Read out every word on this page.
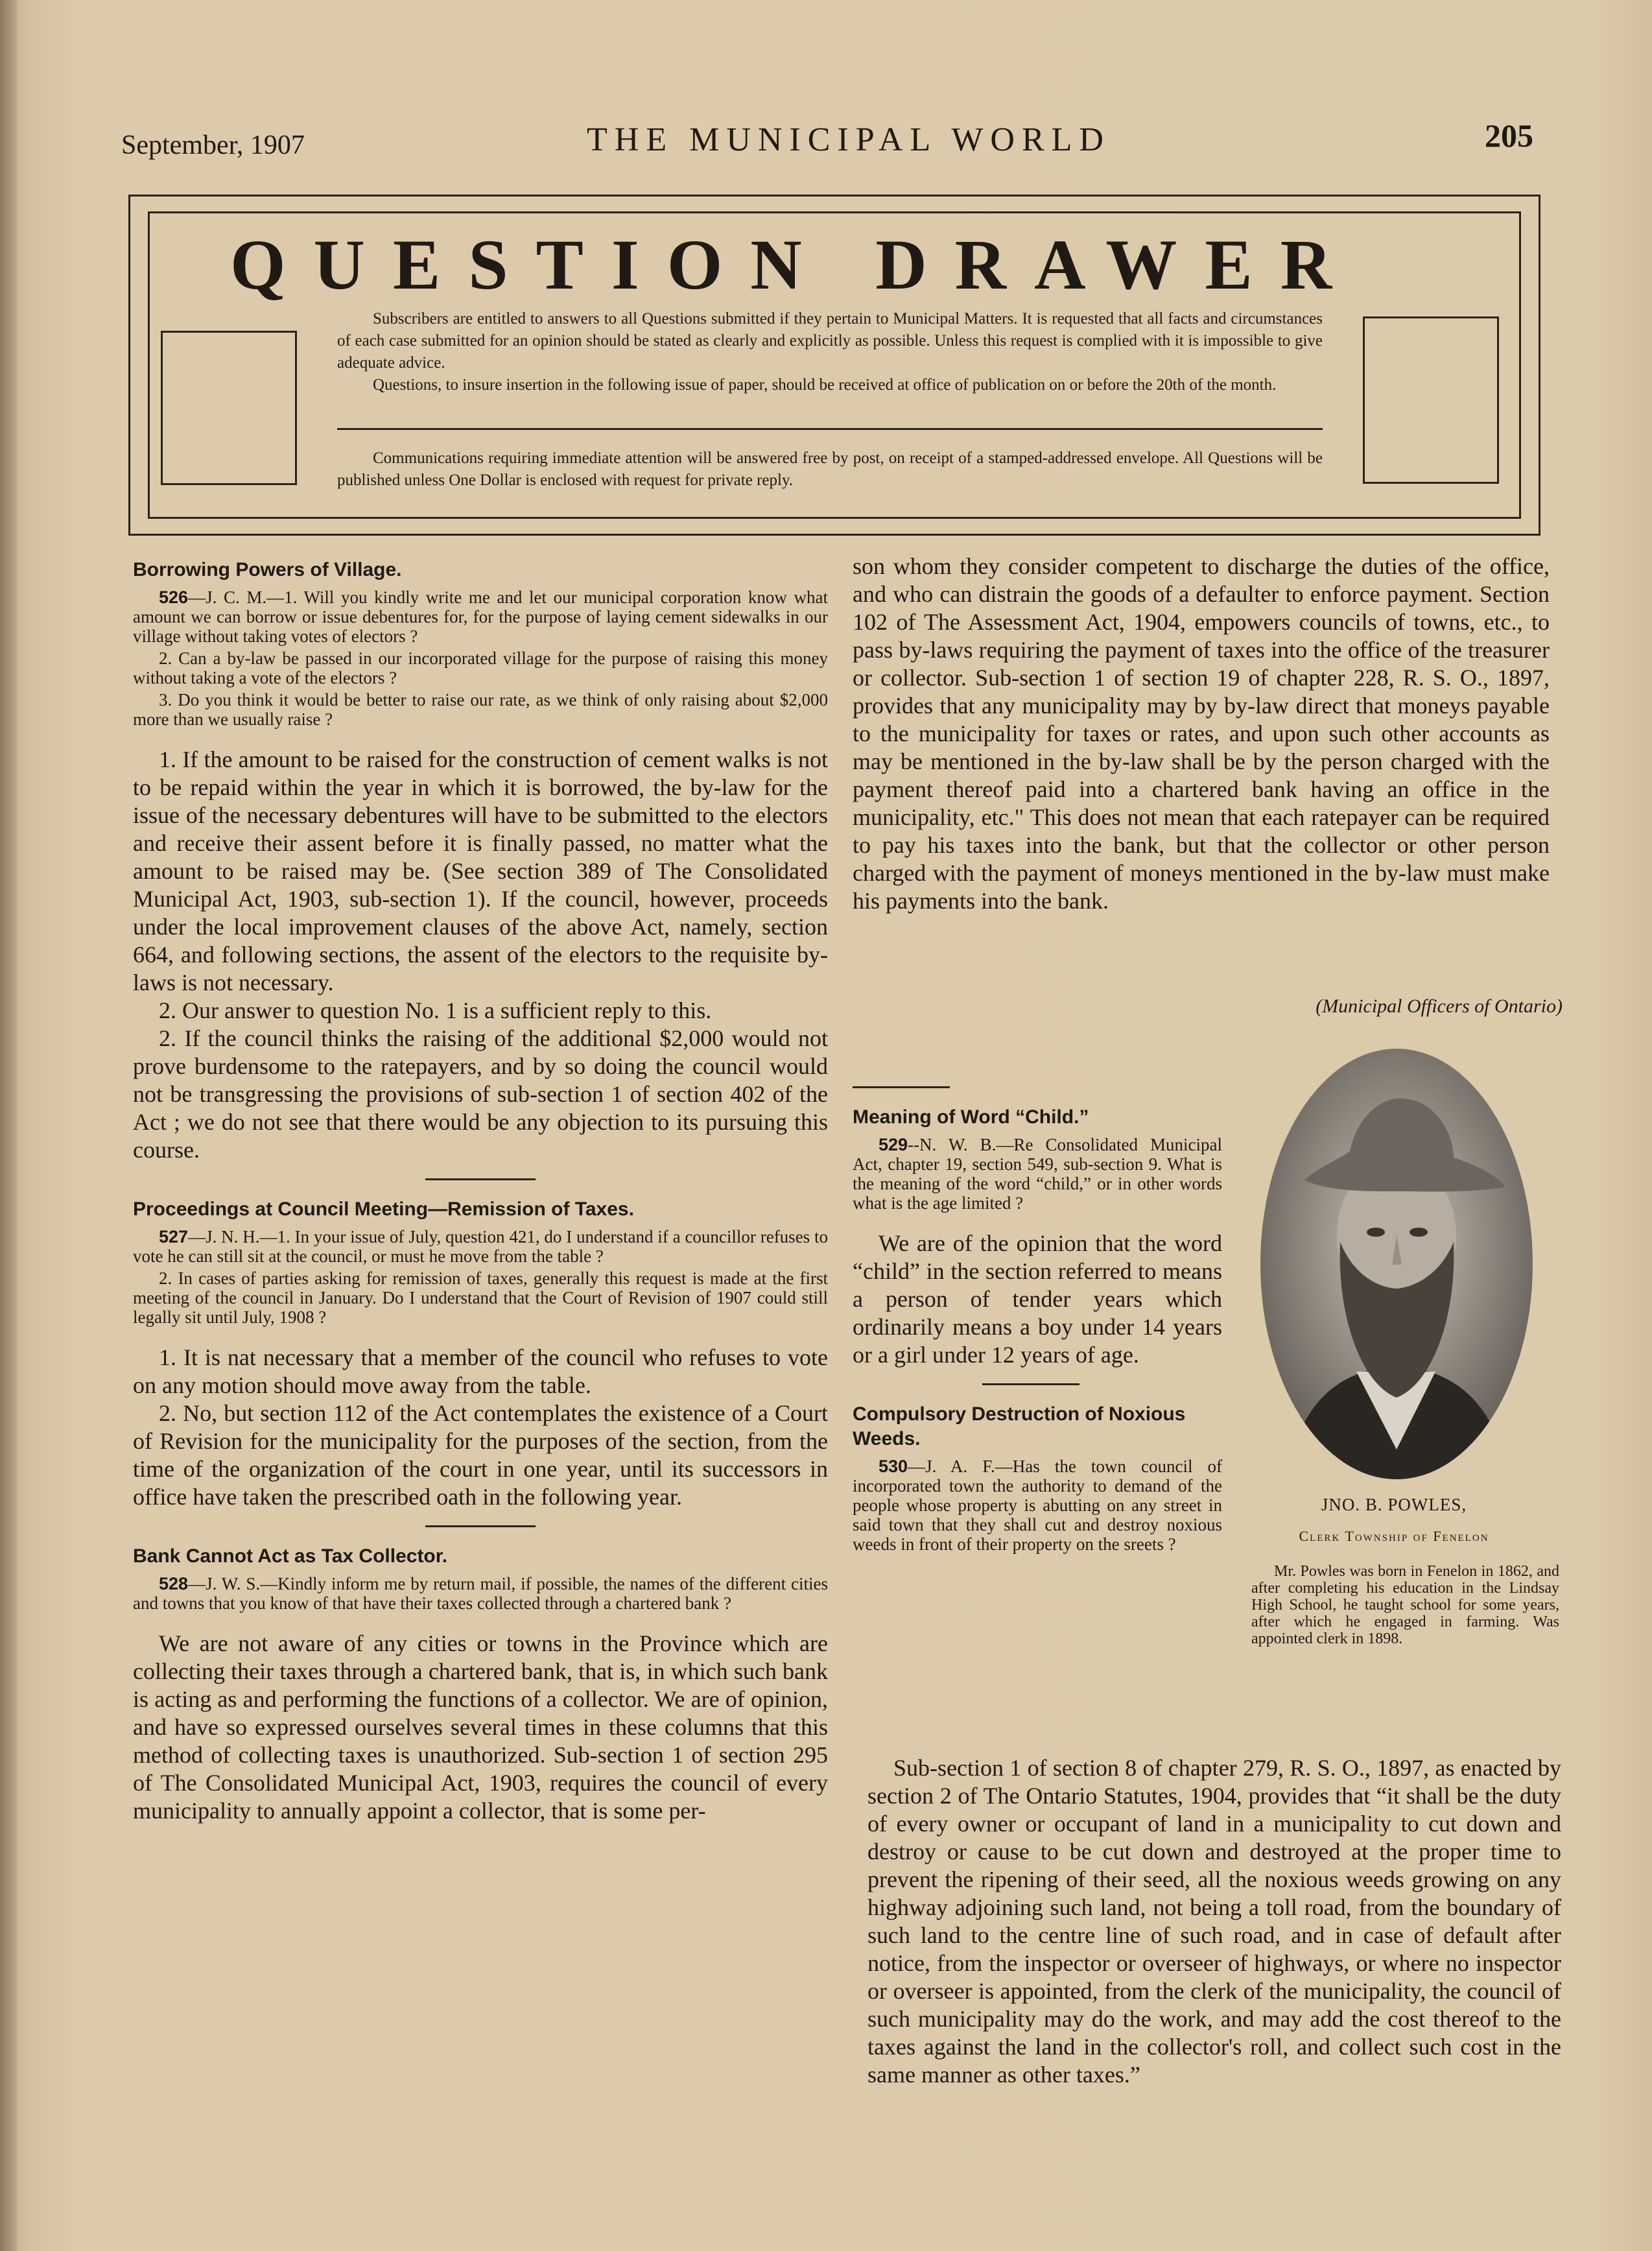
September, 1907	THE MUNICIPAL WORLD	205
QUESTION DRAWER

Subscribers are entitled to answers to all Questions submitted if they pertain to Municipal Matters. It is requested that all facts and circumstances of each case submitted for an opinion should be stated as clearly and explicitly as possible. Unless this request is complied with it is impossible to give adequate advice.

Questions, to insure insertion in the following issue of paper, should be received at office of publication on or before the 20th of the month.

Communications requiring immediate attention will be answered free by post, on receipt of a stamped-addressed envelope. All Questions will be published unless One Dollar is enclosed with request for private reply.

Borrowing Powers of Village.

526—J. C. M.—1. Will you kindly write me and let our municipal corporation know what amount we can borrow or issue debentures for, for the purpose of laying cement sidewalks in our village without taking votes of electors ?

2. Can a by-law be passed in our incorporated village for the purpose of raising this money without taking a vote of the electors ?

3. Do you think it would be better to raise our rate, as we think of only raising about $2,000 more than we usually raise ?

1. If the amount to be raised for the construction of cement walks is not to be repaid within the year in which it is borrowed, the by-law for the issue of the necessary debentures will have to be submitted to the electors and receive their assent before it is finally passed, no matter what the amount to be raised may be. (See section 389 of The Consolidated Municipal Act, 1903, sub-section 1). If the council, however, proceeds under the local improvement clauses of the above Act, namely, section 664, and following sections, the assent of the electors to the requisite by-laws is not necessary.

2. Our answer to question No. 1 is a sufficient reply to this.

2. If the council thinks the raising of the additional $2,000 would not prove burdensome to the ratepayers, and by so doing the council would not be transgressing the provisions of sub-section 1 of section 402 of the Act ; we do not see that there would be any objection to its pursuing this course.

Proceedings at Council Meeting—Remission of Taxes.

527—J. N. H.—1. In your issue of July, question 421, do I understand if a councillor refuses to vote he can still sit at the council, or must he move from the table ?

2. In cases of parties asking for remission of taxes, generally this request is made at the first meeting of the council in January. Do I understand that the Court of Revision of 1907 could still legally sit until July, 1908 ?

1. It is nat necessary that a member of the council who refuses to vote on any motion should move away from the table.

2. No, but section 112 of the Act contemplates the existence of a Court of Revision for the municipality for the purposes of the section, from the time of the organization of the court in one year, until its successors in office have taken the prescribed oath in the following year.

Bank Cannot Act as Tax Collector.

528—J. W. S.—Kindly inform me by return mail, if possible, the names of the different cities and towns that you know of that have their taxes collected through a chartered bank ?

We are not aware of any cities or towns in the Province which are collecting their taxes through a chartered bank, that is, in which such bank is acting as and performing the functions of a collector. We are of opinion, and have so expressed ourselves several times in these columns that this method of collecting taxes is unauthorized. Sub-section 1 of section 295 of The Consolidated Municipal Act, 1903, requires the council of every municipality to annually appoint a collector, that is some per-

son whom they consider competent to discharge the duties of the office, and who can distrain the goods of a defaulter to enforce payment. Section 102 of The Assessment Act, 1904, empowers councils of towns, etc., to pass by-laws requiring the payment of taxes into the office of the treasurer or collector. Sub-section 1 of section 19 of chapter 228, R. S. O., 1897, provides that any municipality may by by-law direct that moneys payable to the municipality for taxes or rates, and upon such other accounts as may be mentioned in the by-law shall be by the person charged with the payment thereof paid into a chartered bank having an office in the municipality, etc." This does not mean that each ratepayer can be required to pay his taxes into the bank, but that the collector or other person charged with the payment of moneys mentioned in the by-law must make his payments into the bank.

(Municipal Officers of Ontario)
Meaning of Word “Child.”

529--N. W. B.—Re Consolidated Municipal Act, chapter 19, section 549, sub-section 9. What is the meaning of the word “child,” or in other words what is the age limited ?

We are of the opinion that the word “child” in the section referred to means a person of tender years which ordinarily means a boy under 14 years or a girl under 12 years of age.

Compulsory Destruction of Noxious Weeds.

530—J. A. F.—Has the town council of incorporated town the authority to demand of the people whose property is abutting on any street in said town that they shall cut and destroy noxious weeds in front of their property on the sreets ?

JNO. B. POWLES,
Clerk Township of Fenelon
Mr. Powles was born in Fenelon in 1862, and after completing his education in the Lindsay High School, he taught school for some years, after which he engaged in farming. Was appointed clerk in 1898.

Sub-section 1 of section 8 of chapter 279, R. S. O., 1897, as enacted by section 2 of The Ontario Statutes, 1904, provides that “it shall be the duty of every owner or occupant of land in a municipality to cut down and destroy or cause to be cut down and destroyed at the proper time to prevent the ripening of their seed, all the noxious weeds growing on any highway adjoining such land, not being a toll road, from the boundary of such land to the centre line of such road, and in case of default after notice, from the inspector or overseer of highways, or where no inspector or overseer is appointed, from the clerk of the municipality, the council of such municipality may do the work, and may add the cost thereof to the taxes against the land in the collector's roll, and collect such cost in the same manner as other taxes.”
